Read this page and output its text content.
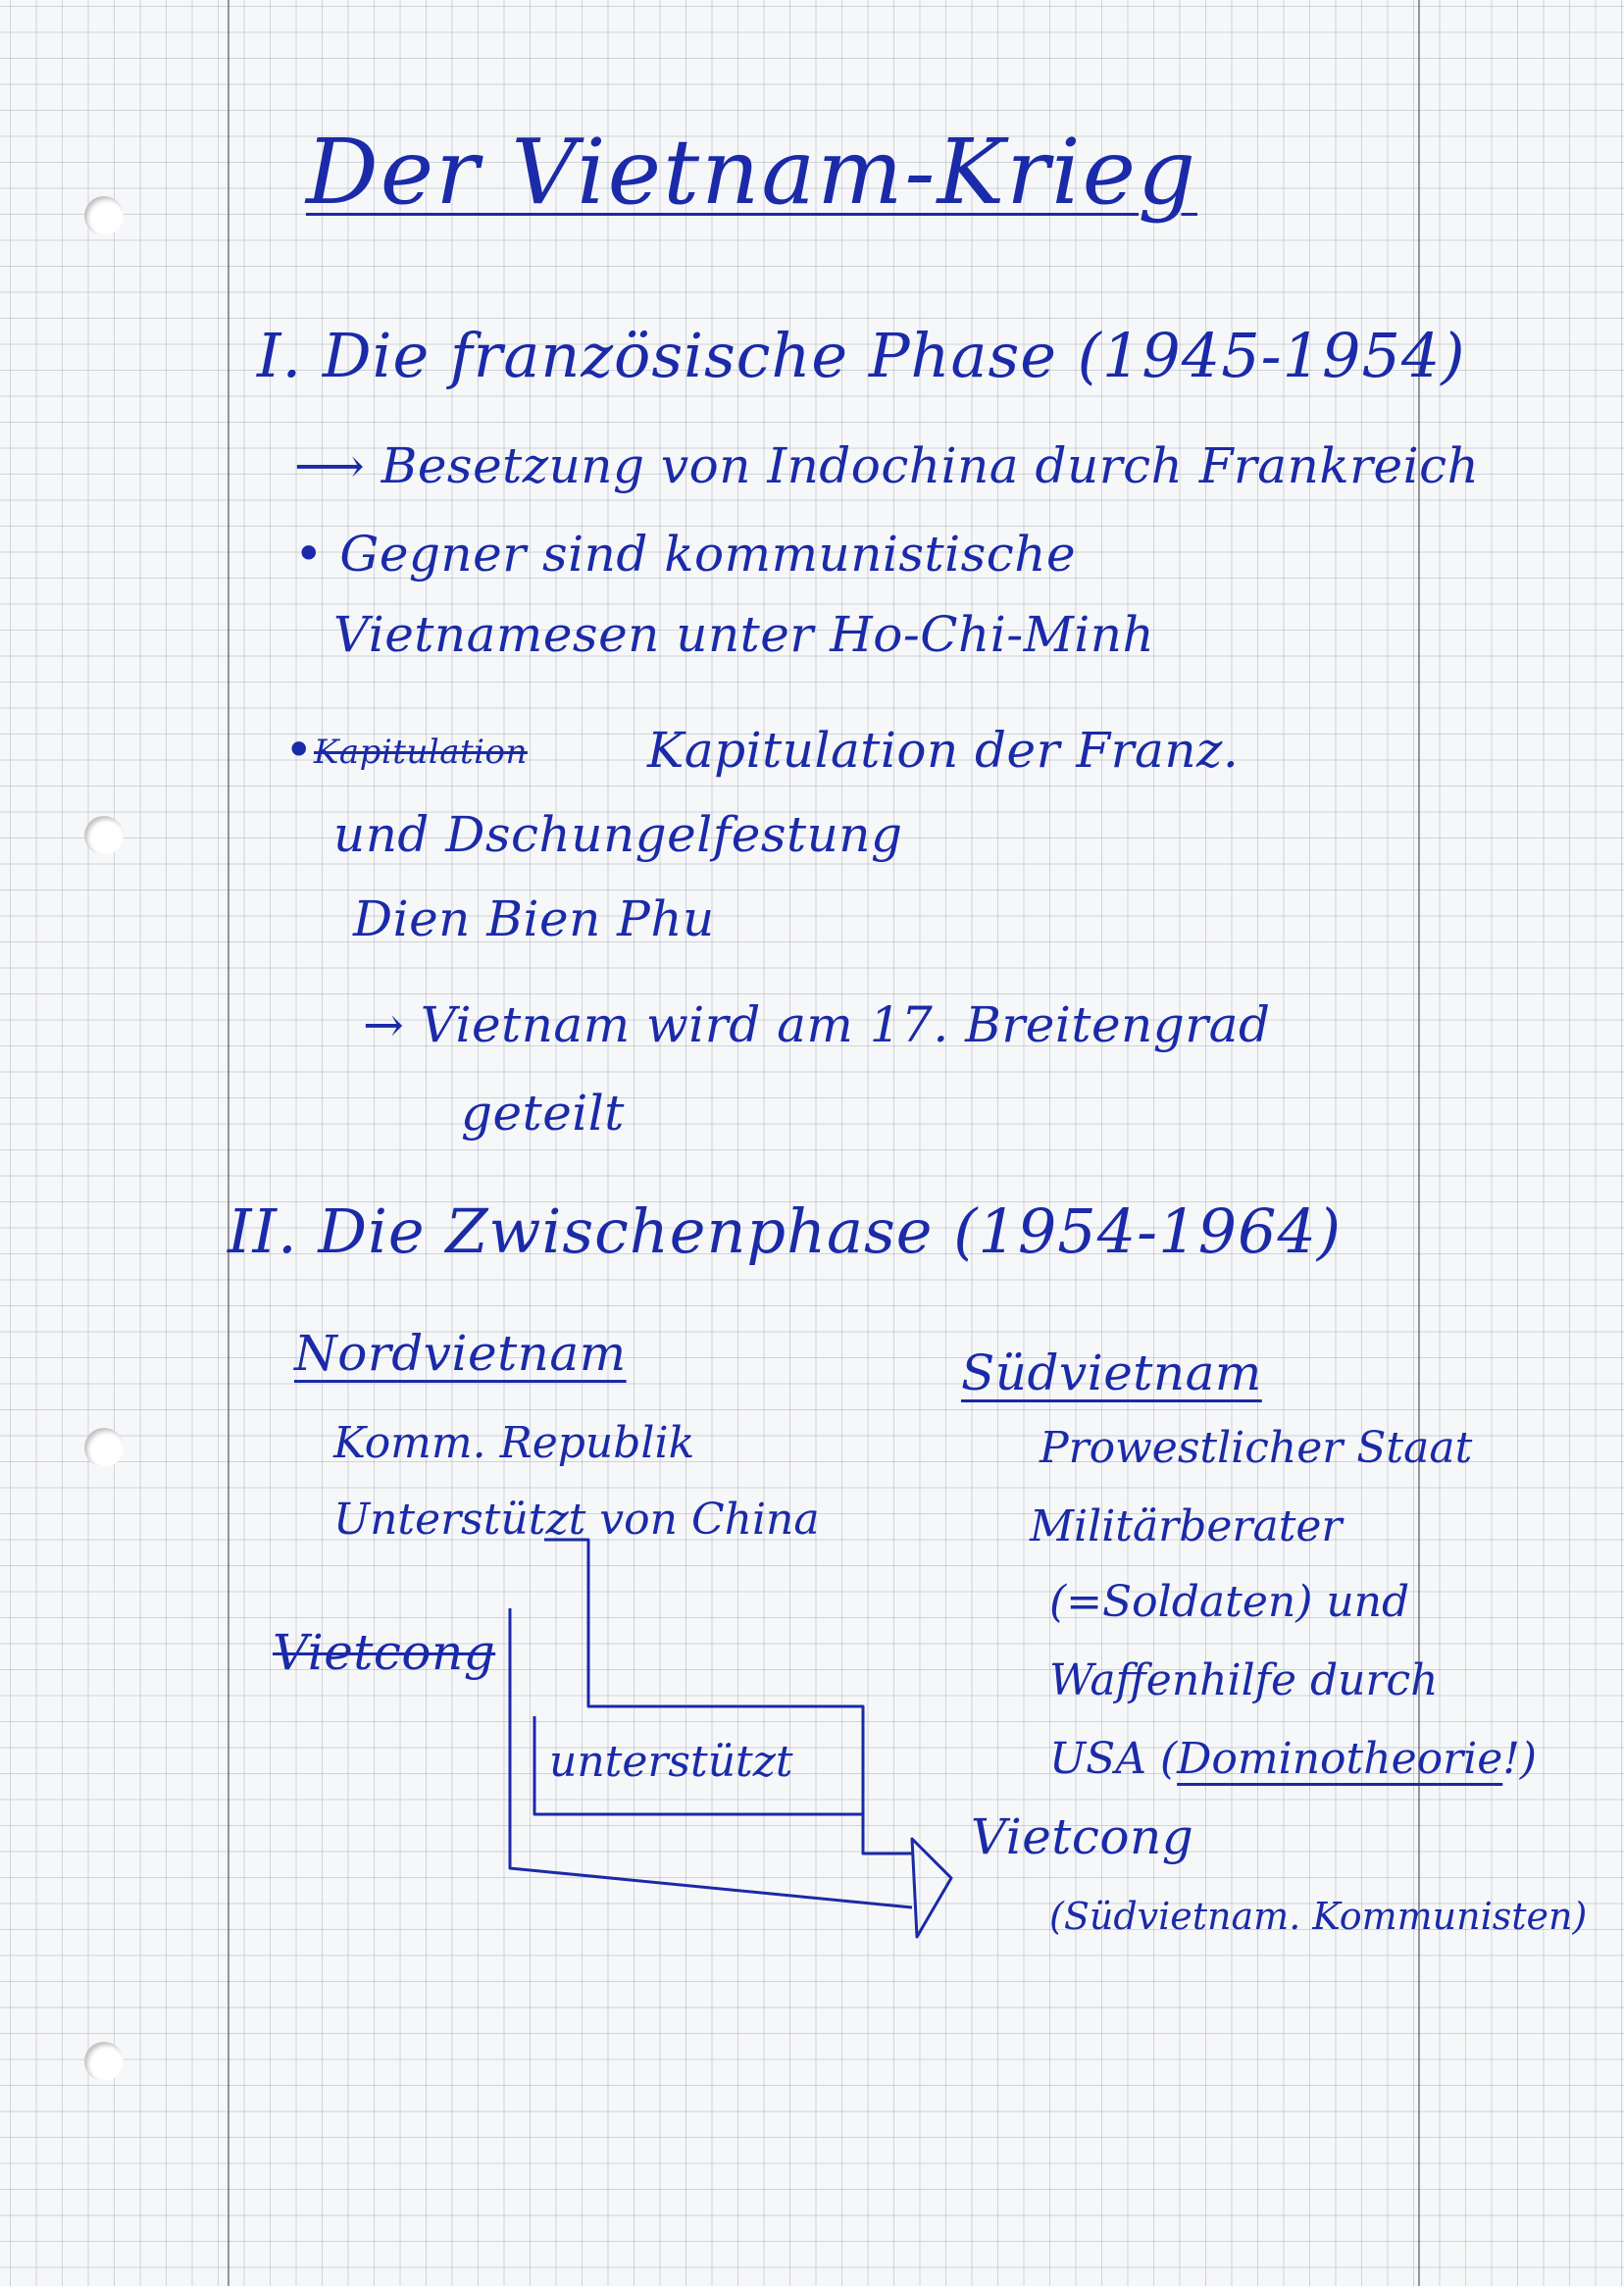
Der Vietnam-Krieg
I. Die französische Phase (1945-1954)
⟶ Besetzung von Indochina durch Frankreich
• Gegner sind kommunistische
Vietnamesen unter Ho-Chi-Minh
• Kapitulation Kapitulation der Franz.
und Dschungelfestung
Dien Bien Phu
→ Vietnam wird am 17. Breitengrad
geteilt
II. Die Zwischenphase (1954-1964)
Nordvietnam
Komm. Republik
Unterstützt von China
Südvietnam
Prowestlicher Staat
Militärberater
(=Soldaten) und
Waffenhilfe durch
USA (Dominotheorie!)
Vietcong
unterstützt
Vietcong
(Südvietnam. Kommunisten)
